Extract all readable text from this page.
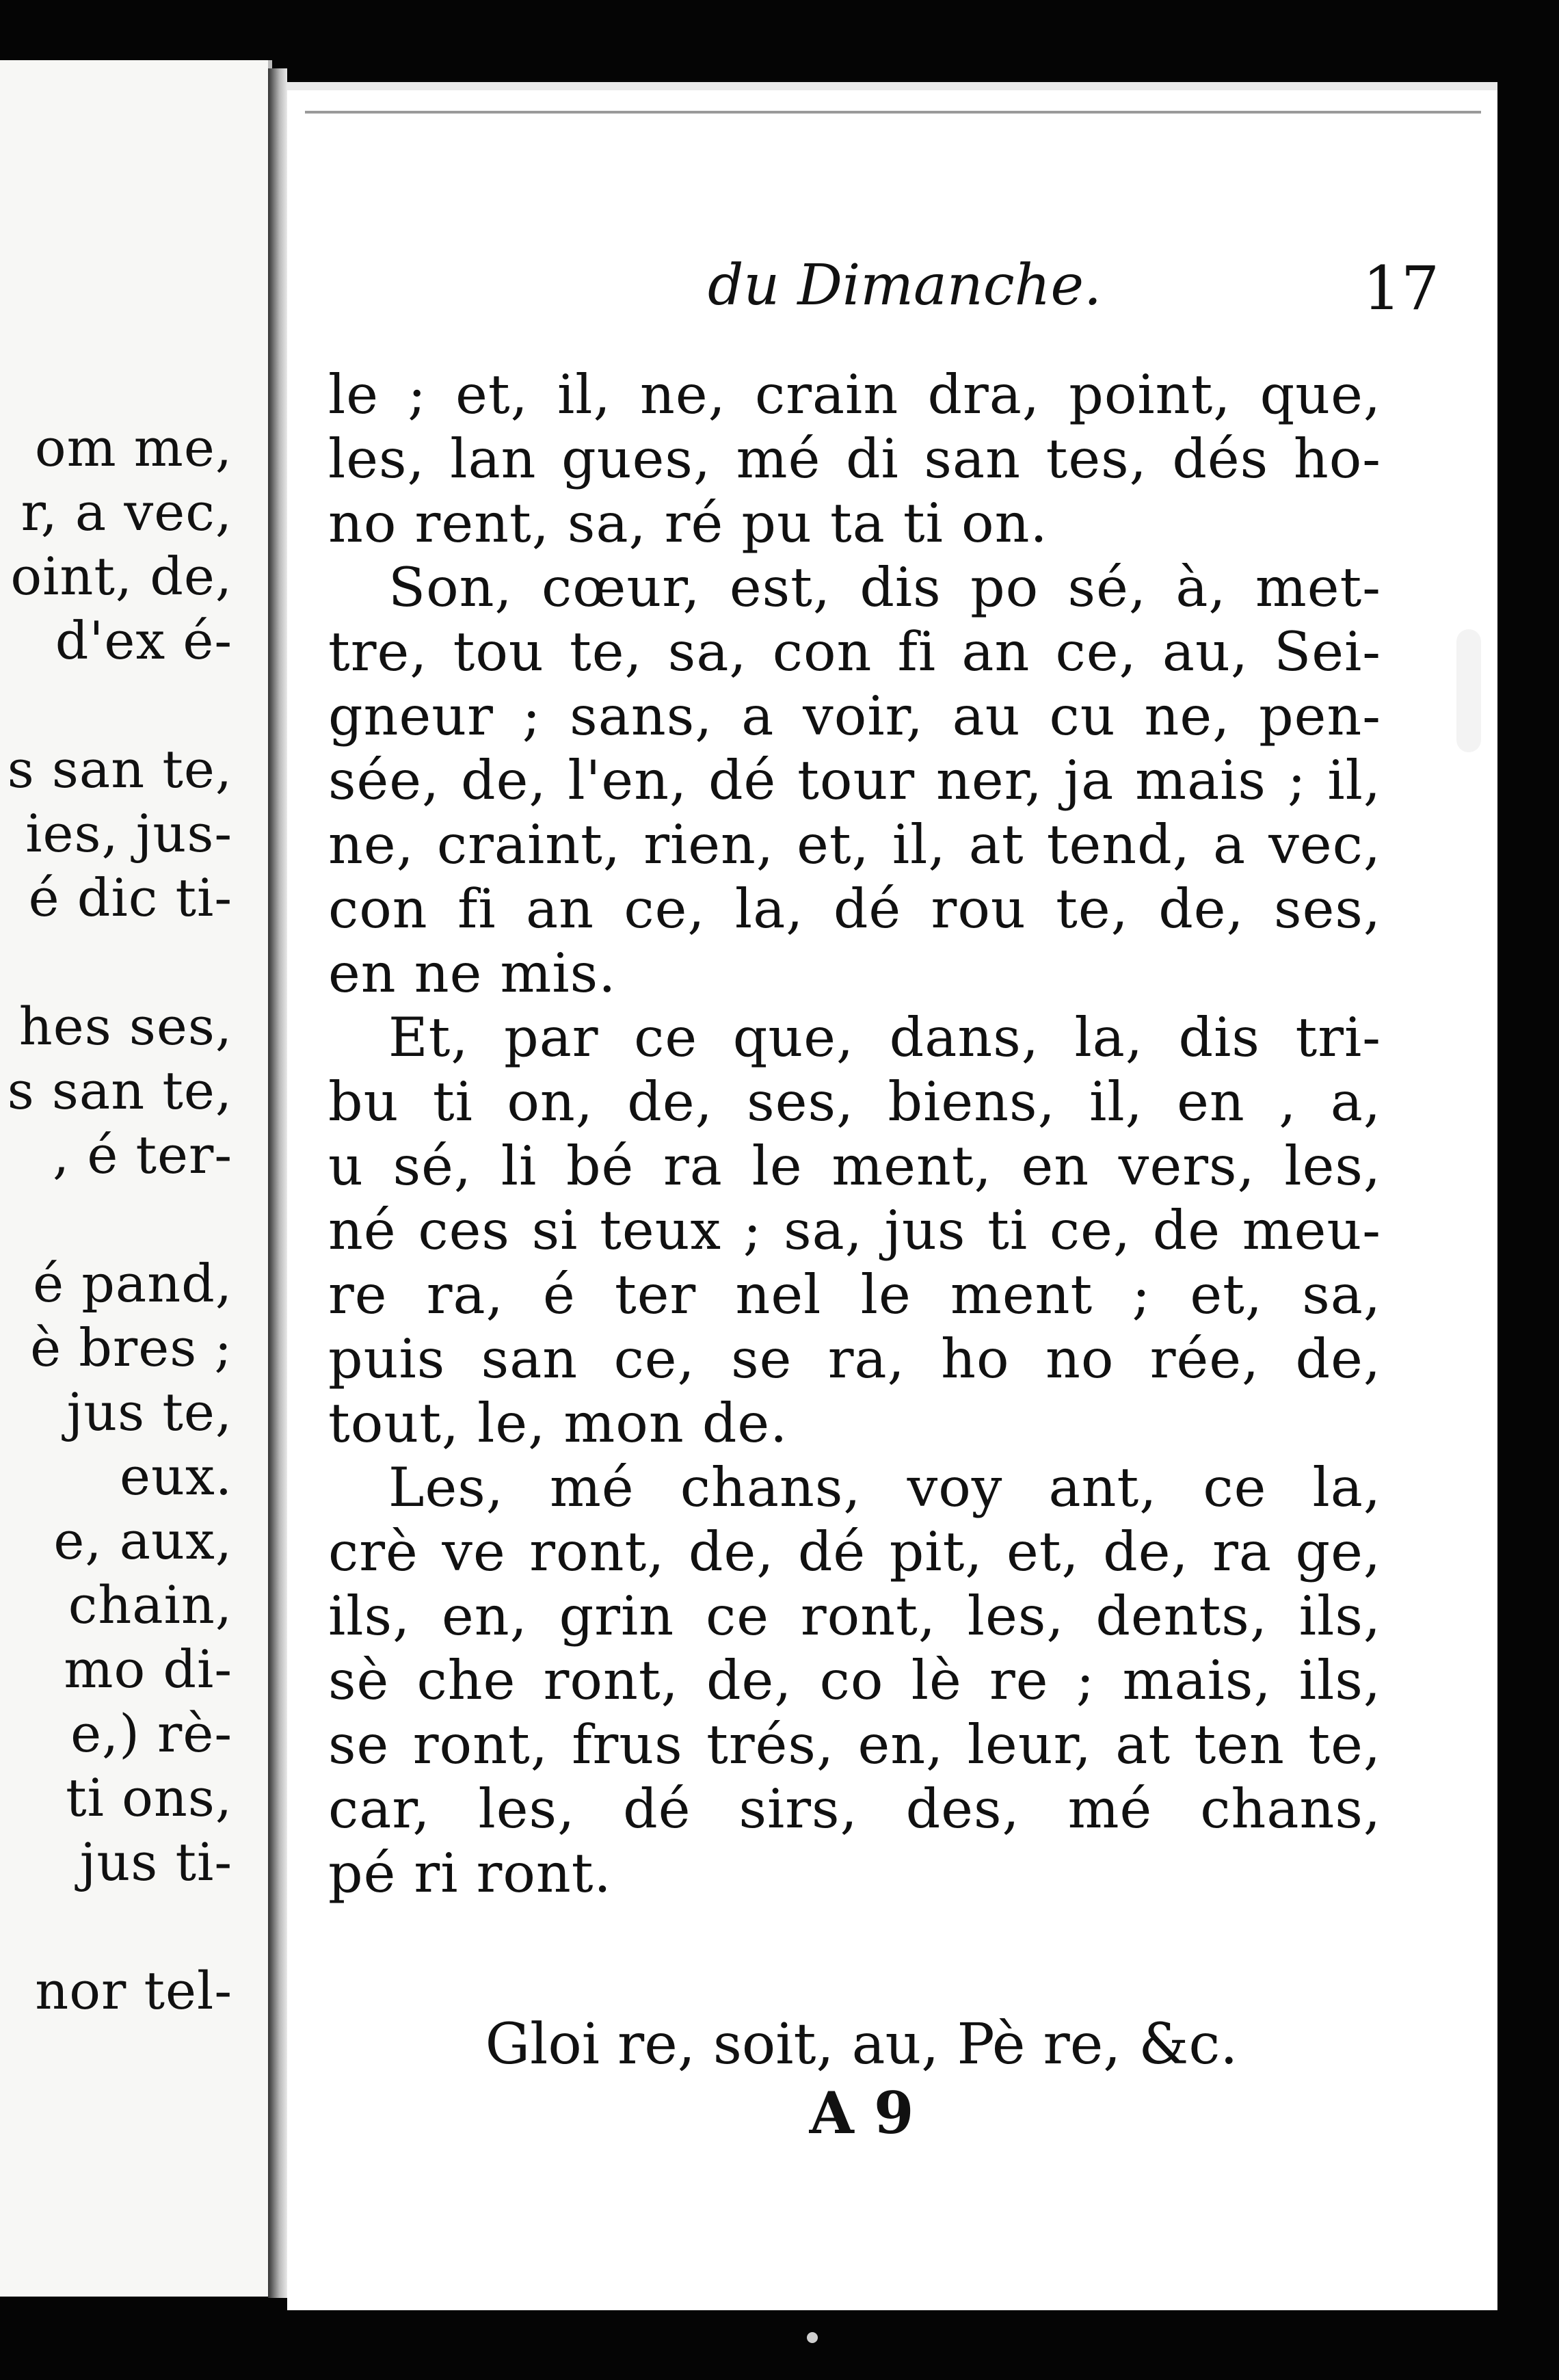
om me,
r, a vec,
oint, de,
d'ex é-
s san te,
ies, jus-
é dic ti-
hes ses,
s san te,
, é ter-
é pand,
è bres ;
jus te,
eux.
e, aux,
chain,
mo di-
e,) rè-
ti ons,
jus ti-
nor tel-
du Dimanche.	17
le ; et, il, ne, crain dra, point, que,
les, lan gues, mé di san tes, dés ho-
no rent, sa, ré pu ta ti on.
Son, cœur, est, dis po sé, à, met-
tre, tou te, sa, con fi an ce, au, Sei-
gneur ; sans, a voir, au cu ne, pen-
sée, de, l'en, dé tour ner, ja mais ; il,
ne, craint, rien, et, il, at tend, a vec,
con fi an ce, la, dé rou te, de, ses,
en ne mis.
Et, par ce que, dans, la, dis tri-
bu ti on, de, ses, biens, il, en , a,
u sé, li bé ra le ment, en vers, les,
né ces si teux ; sa, jus ti ce, de meu-
re ra, é ter nel le ment ; et, sa,
puis san ce, se ra, ho no rée, de,
tout, le, mon de.
Les, mé chans, voy ant, ce la,
crè ve ront, de, dé pit, et, de, ra ge,
ils, en, grin ce ront, les, dents, ils,
sè che ront, de, co lè re ; mais, ils,
se ront, frus trés, en, leur, at ten te,
car, les, dé sirs, des, mé chans,
pé ri ront.
Gloi re, soit, au, Pè re, &c.
A 9
